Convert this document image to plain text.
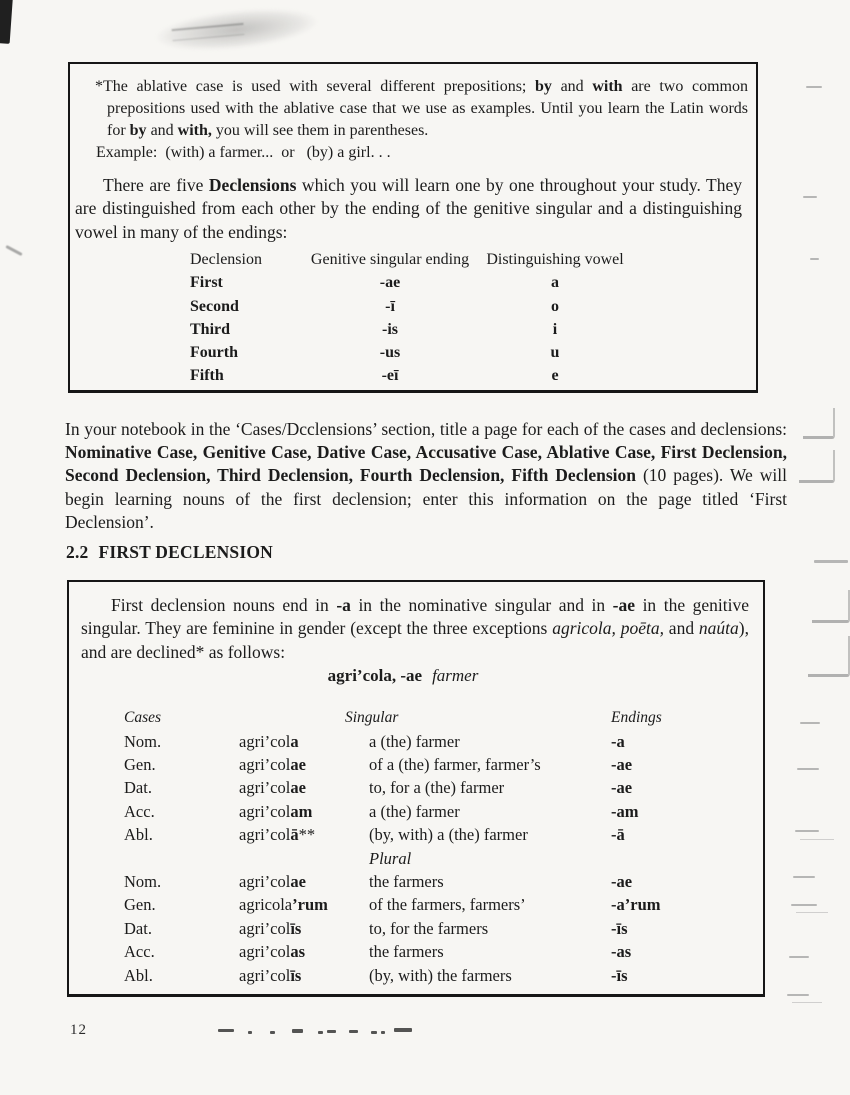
*The ablative case is used with several different prepositions; by and with are two common prepositions used with the ablative case that we use as examples. Until you learn the Latin words for by and with, you will see them in parentheses.

Example:  (with) a farmer...  or   (by) a girl. . .

There are five Declensions which you will learn one by one throughout your study. They are distinguished from each other by the ending of the genitive singular and a distinguishing vowel in many of the endings:

Declension	Genitive singular ending	Distinguishing vowel
First	-ae	a
Second	-ī	o
Third	-is	i
Fourth	-us	u
Fifth	-eī	e

In your notebook in the ‘Cases/Dcclensions’ section, title a page for each of the cases and declensions: Nominative Case, Genitive Case, Dative Case, Accusative Case, Ablative Case, First Declension, Second Declension, Third Declension, Fourth Declension, Fifth Declension (10 pages). We will begin learning nouns of the first declension; enter this information on the page titled ‘First Declension’.

2.2 FIRST DECLENSION

First declension nouns end in -a in the nominative singular and in -ae in the genitive singular. They are feminine in gender (except the three exceptions agricola, poēta, and naúta), and are declined* as follows:

agri’cola, -ae farmer
Cases	Singular	Endings
Nom.	agri’cola	a (the) farmer	-a
Gen.	agri’colae	of a (the) farmer, farmer’s	-ae
Dat.	agri’colae	to, for a (the) farmer	-ae
Acc.	agri’colam	a (the) farmer	-am
Abl.	agri’colā**	(by, with) a (the) farmer	-ā
Plural
Nom.	agri’colae	the farmers	-ae
Gen.	agricola’rum	of the farmers, farmers’	-a’rum
Dat.	agri’colīs	to, for the farmers	-īs
Acc.	agri’colas	the farmers	-as
Abl.	agri’colīs	(by, with) the farmers	-īs
12
